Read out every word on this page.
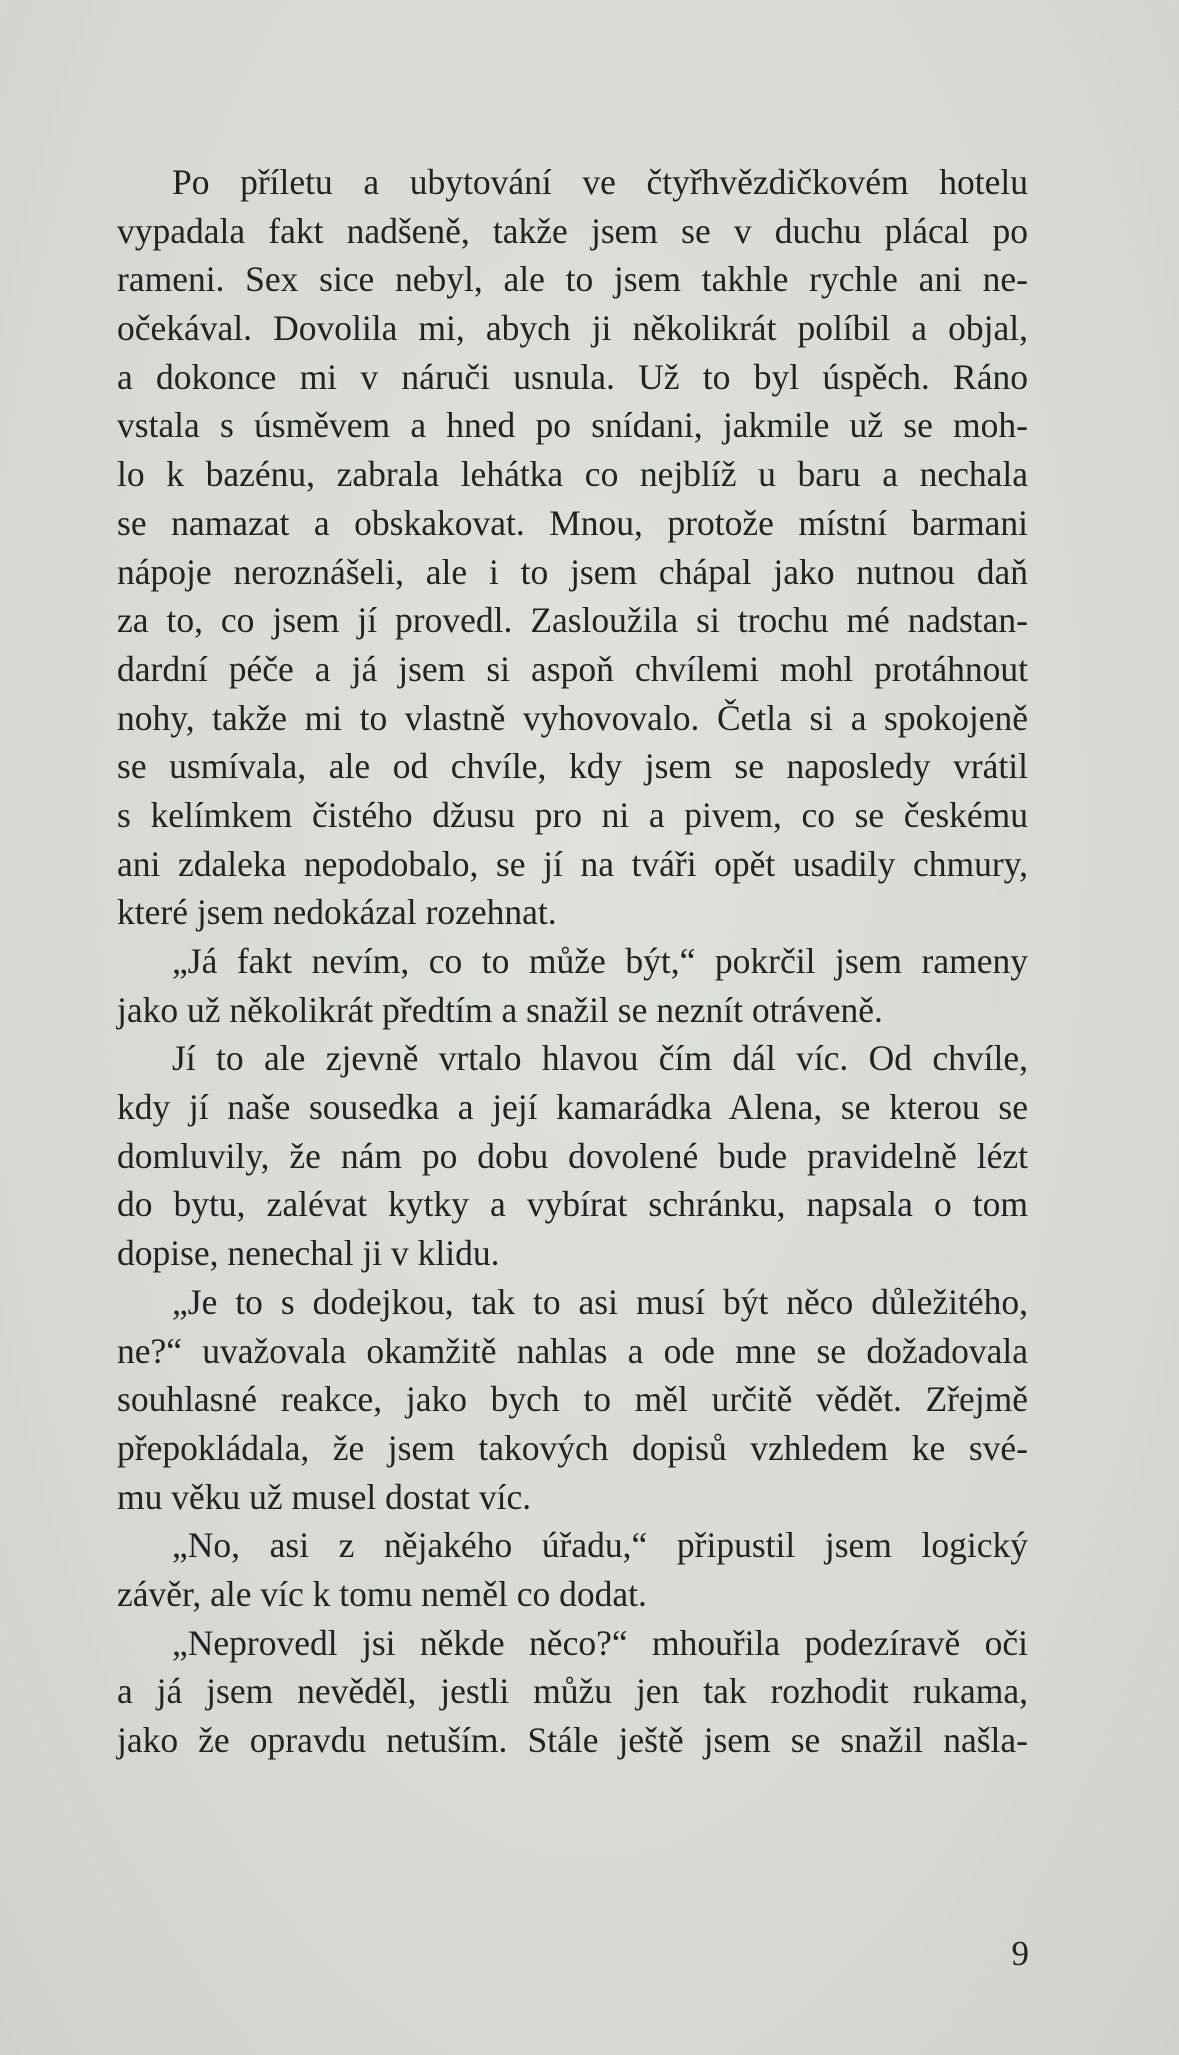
Po příletu a ubytování ve čtyřhvězdičkovém hotelu
vypadala fakt nadšeně, takže jsem se v duchu plácal po
rameni. Sex sice nebyl, ale to jsem takhle rychle ani ne-
očekával. Dovolila mi, abych ji několikrát políbil a objal,
a dokonce mi v náruči usnula. Už to byl úspěch. Ráno
vstala s úsměvem a hned po snídani, jakmile už se moh-
lo k bazénu, zabrala lehátka co nejblíž u baru a nechala
se namazat a obskakovat. Mnou, protože místní barmani
nápoje neroznášeli, ale i to jsem chápal jako nutnou daň
za to, co jsem jí provedl. Zasloužila si trochu mé nadstan-
dardní péče a já jsem si aspoň chvílemi mohl protáhnout
nohy, takže mi to vlastně vyhovovalo. Četla si a spokojeně
se usmívala, ale od chvíle, kdy jsem se naposledy vrátil
s kelímkem čistého džusu pro ni a pivem, co se českému
ani zdaleka nepodobalo, se jí na tváři opět usadily chmury,
které jsem nedokázal rozehnat.
„Já fakt nevím, co to může být,“ pokrčil jsem rameny
jako už několikrát předtím a snažil se neznít otráveně.
Jí to ale zjevně vrtalo hlavou čím dál víc. Od chvíle,
kdy jí naše sousedka a její kamarádka Alena, se kterou se
domluvily, že nám po dobu dovolené bude pravidelně lézt
do bytu, zalévat kytky a vybírat schránku, napsala o tom
dopise, nenechal ji v klidu.
„Je to s dodejkou, tak to asi musí být něco důležitého,
ne?“ uvažovala okamžitě nahlas a ode mne se dožadovala
souhlasné reakce, jako bych to měl určitě vědět. Zřejmě
přepokládala, že jsem takových dopisů vzhledem ke své-
mu věku už musel dostat víc.
„No, asi z nějakého úřadu,“ připustil jsem logický
závěr, ale víc k tomu neměl co dodat.
„Neprovedl jsi někde něco?“ mhouřila podezíravě oči
a já jsem nevěděl, jestli můžu jen tak rozhodit rukama,
jako že opravdu netuším. Stále ještě jsem se snažil našla-
9
